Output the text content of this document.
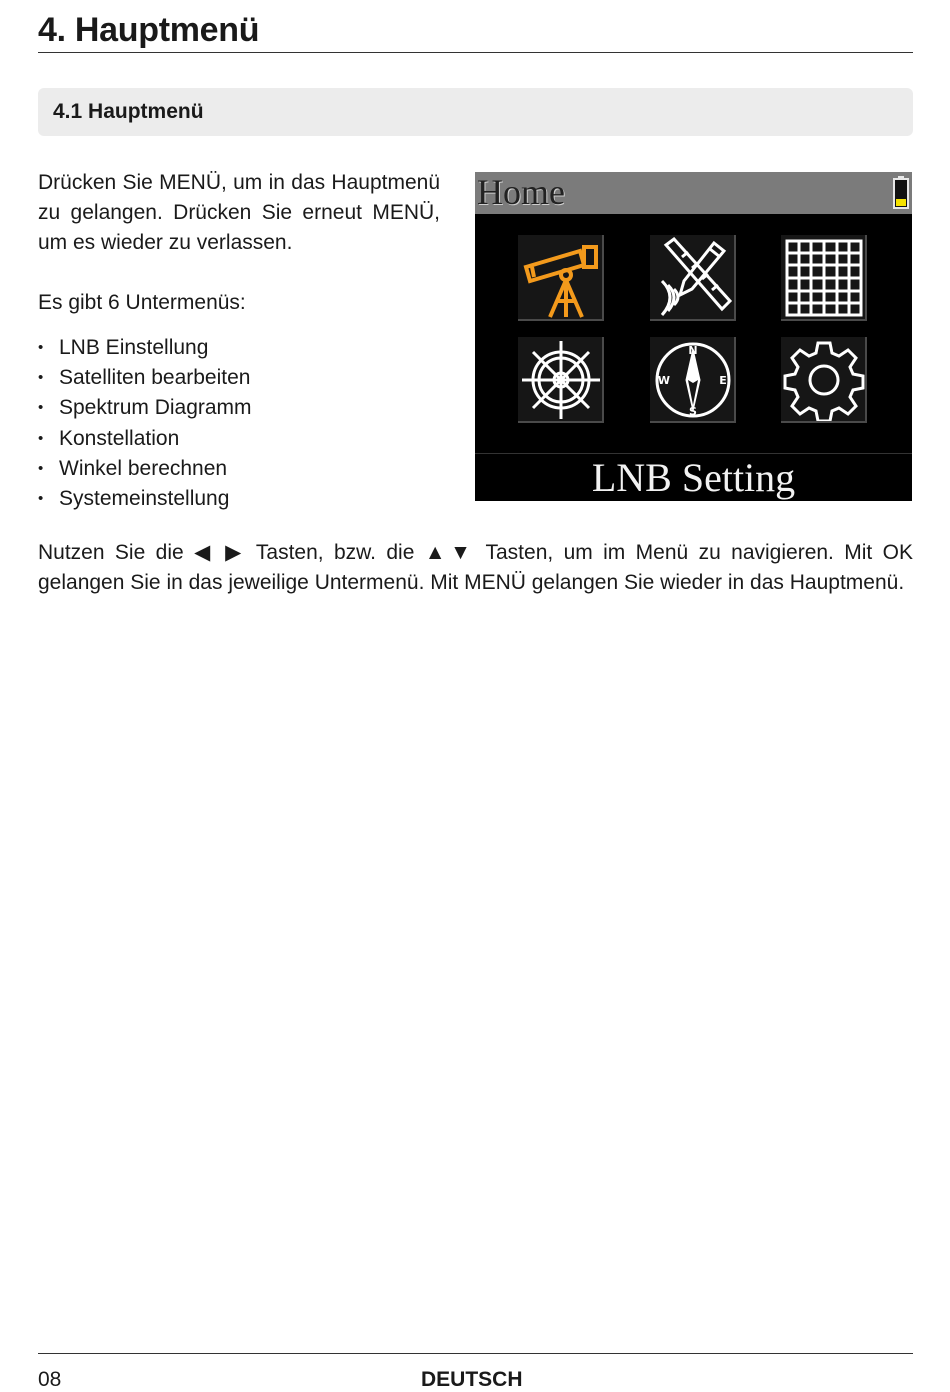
4. Hauptmenü
4.1 Hauptmenü

Drücken Sie MENÜ, um in das Hauptmenü zu gelangen. Drücken Sie erneut MENÜ, um es wieder zu verlassen.

Es gibt 6 Untermenüs:

• LNB Einstellung
• Satelliten bearbeiten
• Spektrum Diagramm
• Konstellation
• Winkel berechnen
• Systemeinstellung
Home
N
E
S
W
LNB Setting

Nutzen Sie die ◀ ▶ Tasten, bzw. die ▲▼ Tasten, um im Menü zu navigieren. Mit OK gelangen Sie in das jeweilige Untermenü. Mit MENÜ gelangen Sie wieder in das Hauptmenü.

08	DEUTSCH
